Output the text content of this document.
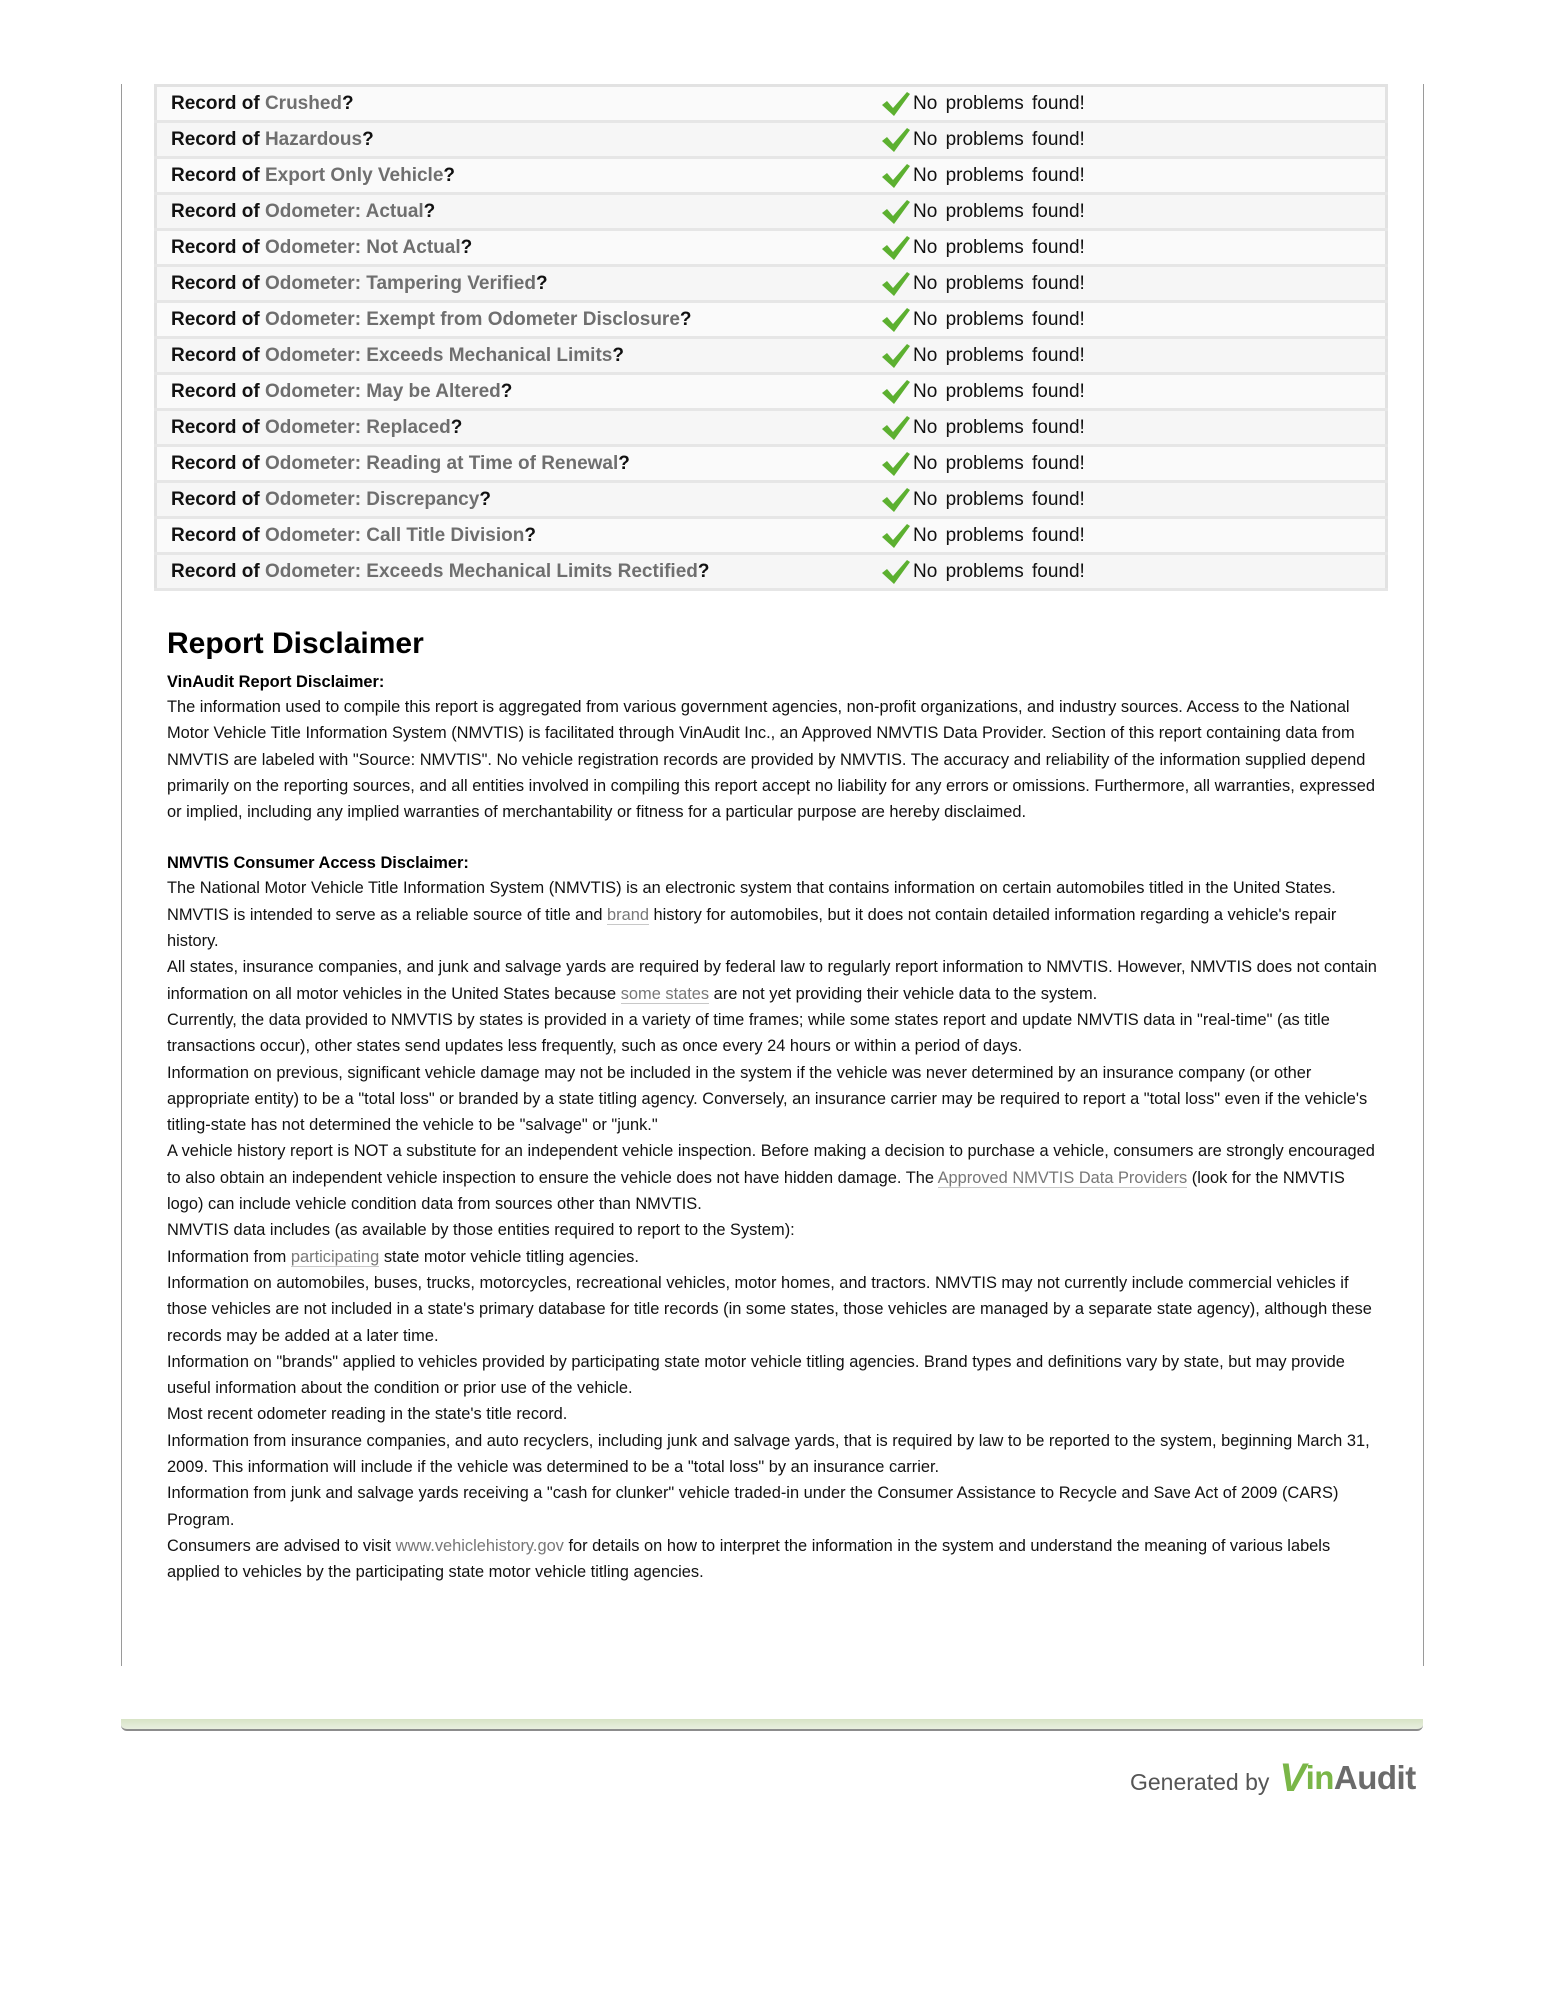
Record of Crushed?	No problems found!
Record of Hazardous?	No problems found!
Record of Export Only Vehicle?	No problems found!
Record of Odometer: Actual?	No problems found!
Record of Odometer: Not Actual?	No problems found!
Record of Odometer: Tampering Verified?	No problems found!
Record of Odometer: Exempt from Odometer Disclosure?	No problems found!
Record of Odometer: Exceeds Mechanical Limits?	No problems found!
Record of Odometer: May be Altered?	No problems found!
Record of Odometer: Replaced?	No problems found!
Record of Odometer: Reading at Time of Renewal?	No problems found!
Record of Odometer: Discrepancy?	No problems found!
Record of Odometer: Call Title Division?	No problems found!
Record of Odometer: Exceeds Mechanical Limits Rectified?	No problems found!
Report Disclaimer
VinAudit Report Disclaimer:

The information used to compile this report is aggregated from various government agencies, non-profit organizations, and industry sources. Access to the National Motor Vehicle Title Information System (NMVTIS) is facilitated through VinAudit Inc., an Approved NMVTIS Data Provider. Section of this report containing data from NMVTIS are labeled with "Source: NMVTIS". No vehicle registration records are provided by NMVTIS. The accuracy and reliability of the information supplied depend primarily on the reporting sources, and all entities involved in compiling this report accept no liability for any errors or omissions. Furthermore, all warranties, expressed or implied, including any implied warranties of merchantability or fitness for a particular purpose are hereby disclaimed.

NMVTIS Consumer Access Disclaimer:

The National Motor Vehicle Title Information System (NMVTIS) is an electronic system that contains information on certain automobiles titled in the United States. NMVTIS is intended to serve as a reliable source of title and brand history for automobiles, but it does not contain detailed information regarding a vehicle's repair history.

All states, insurance companies, and junk and salvage yards are required by federal law to regularly report information to NMVTIS. However, NMVTIS does not contain information on all motor vehicles in the United States because some states are not yet providing their vehicle data to the system.

Currently, the data provided to NMVTIS by states is provided in a variety of time frames; while some states report and update NMVTIS data in "real-time" (as title transactions occur), other states send updates less frequently, such as once every 24 hours or within a period of days.

Information on previous, significant vehicle damage may not be included in the system if the vehicle was never determined by an insurance company (or other appropriate entity) to be a "total loss" or branded by a state titling agency. Conversely, an insurance carrier may be required to report a "total loss" even if the vehicle's titling-state has not determined the vehicle to be "salvage" or "junk."

A vehicle history report is NOT a substitute for an independent vehicle inspection. Before making a decision to purchase a vehicle, consumers are strongly encouraged to also obtain an independent vehicle inspection to ensure the vehicle does not have hidden damage. The Approved NMVTIS Data Providers (look for the NMVTIS logo) can include vehicle condition data from sources other than NMVTIS.

NMVTIS data includes (as available by those entities required to report to the System):

Information from participating state motor vehicle titling agencies.

Information on automobiles, buses, trucks, motorcycles, recreational vehicles, motor homes, and tractors. NMVTIS may not currently include commercial vehicles if those vehicles are not included in a state's primary database for title records (in some states, those vehicles are managed by a separate state agency), although these records may be added at a later time.

Information on "brands" applied to vehicles provided by participating state motor vehicle titling agencies. Brand types and definitions vary by state, but may provide useful information about the condition or prior use of the vehicle.

Most recent odometer reading in the state's title record.

Information from insurance companies, and auto recyclers, including junk and salvage yards, that is required by law to be reported to the system, beginning March 31, 2009. This information will include if the vehicle was determined to be a "total loss" by an insurance carrier.

Information from junk and salvage yards receiving a "cash for clunker" vehicle traded-in under the Consumer Assistance to Recycle and Save Act of 2009 (CARS) Program.

Consumers are advised to visit www.vehiclehistory.gov for details on how to interpret the information in the system and understand the meaning of various labels applied to vehicles by the participating state motor vehicle titling agencies.

Generated by V in Audit
